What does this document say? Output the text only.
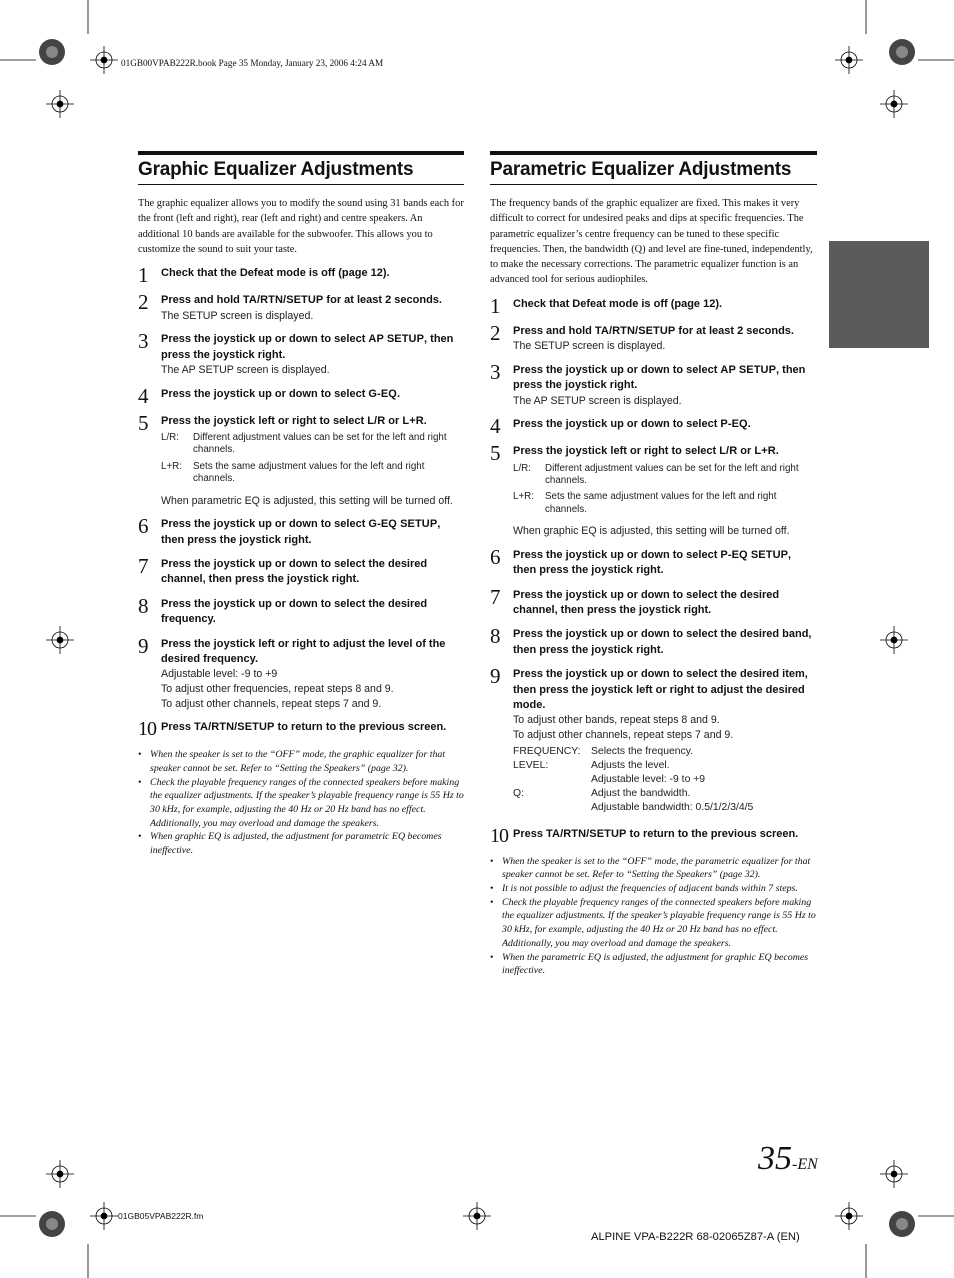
01GB00VPAB222R.book Page 35 Monday, January 23, 2006 4:24 AM
Graphic Equalizer Adjustments

The graphic equalizer allows you to modify the sound using 31 bands each for the front (left and right), rear (left and right) and centre speakers. An additional 10 bands are available for the subwoofer. This allows you to customize the sound to suit your taste.

1	Check that the Defeat mode is off (page 12).
2	Press and hold TA/RTN/SETUP for at least 2 seconds.
The SETUP screen is displayed.
3	Press the joystick up or down to select AP SETUP, then press the joystick right.
The AP SETUP screen is displayed.
4	Press the joystick up or down to select G-EQ.
5	Press the joystick left or right to select L/R or L+R.
L/R:	Different adjustment values can be set for the left and right channels.
L+R:	Sets the same adjustment values for the left and right channels.
When parametric EQ is adjusted, this setting will be turned off.
6	Press the joystick up or down to select G-EQ SETUP, then press the joystick right.
7	Press the joystick up or down to select the desired channel, then press the joystick right.
8	Press the joystick up or down to select the desired frequency.
9	Press the joystick left or right to adjust the level of the desired frequency.
Adjustable level: -9 to +9
To adjust other frequencies, repeat steps 8 and 9.
To adjust other channels, repeat steps 7 and 9.
10 Press TA/RTN/SETUP to return to the previous screen.
• When the speaker is set to the “OFF” mode, the graphic equalizer for that speaker cannot be set. Refer to “Setting the Speakers” (page 32).
• Check the playable frequency ranges of the connected speakers before making the equalizer adjustments. If the speaker’s playable frequency range is 55 Hz to 30 kHz, for example, adjusting the 40 Hz or 20 Hz band has no effect. Additionally, you may overload and damage the speakers.
• When graphic EQ is adjusted, the adjustment for parametric EQ becomes ineffective.
Parametric Equalizer Adjustments

The frequency bands of the graphic equalizer are fixed. This makes it very difficult to correct for undesired peaks and dips at specific frequencies. The parametric equalizer’s centre frequency can be tuned to these specific frequencies. Then, the bandwidth (Q) and level are fine-tuned, independently, to make the necessary corrections. The parametric equalizer function is an advanced tool for serious audiophiles.

1	Check that Defeat mode is off (page 12).
2	Press and hold TA/RTN/SETUP for at least 2 seconds.
The SETUP screen is displayed.
3	Press the joystick up or down to select AP SETUP, then press the joystick right.
The AP SETUP screen is displayed.
4	Press the joystick up or down to select P-EQ.
5	Press the joystick left or right to select L/R or L+R.
L/R:	Different adjustment values can be set for the left and right channels.
L+R:	Sets the same adjustment values for the left and right channels.
When graphic EQ is adjusted, this setting will be turned off.
6	Press the joystick up or down to select P-EQ SETUP, then press the joystick right.
7	Press the joystick up or down to select the desired channel, then press the joystick right.
8	Press the joystick up or down to select the desired band, then press the joystick right.
9	Press the joystick up or down to select the desired item, then press the joystick left or right to adjust the desired mode.
To adjust other bands, repeat steps 8 and 9.
To adjust other channels, repeat steps 7 and 9.
FREQUENCY:	Selects the frequency.
LEVEL:	Adjusts the level.
Adjustable level: -9 to +9
Q:	Adjust the bandwidth.
Adjustable bandwidth: 0.5/1/2/3/4/5
10 Press TA/RTN/SETUP to return to the previous screen.
• When the speaker is set to the “OFF” mode, the parametric equalizer for that speaker cannot be set. Refer to “Setting the Speakers” (page 32).
• It is not possible to adjust the frequencies of adjacent bands within 7 steps.
• Check the playable frequency ranges of the connected speakers before making the equalizer adjustments. If the speaker’s playable frequency range is 55 Hz to 30 kHz, for example, adjusting the 40 Hz or 20 Hz band has no effect. Additionally, you may overload and damage the speakers.
• When the parametric EQ is adjusted, the adjustment for graphic EQ becomes ineffective.
35-EN
01GB05VPAB222R.fm
ALPINE VPA-B222R 68-02065Z87-A (EN)
